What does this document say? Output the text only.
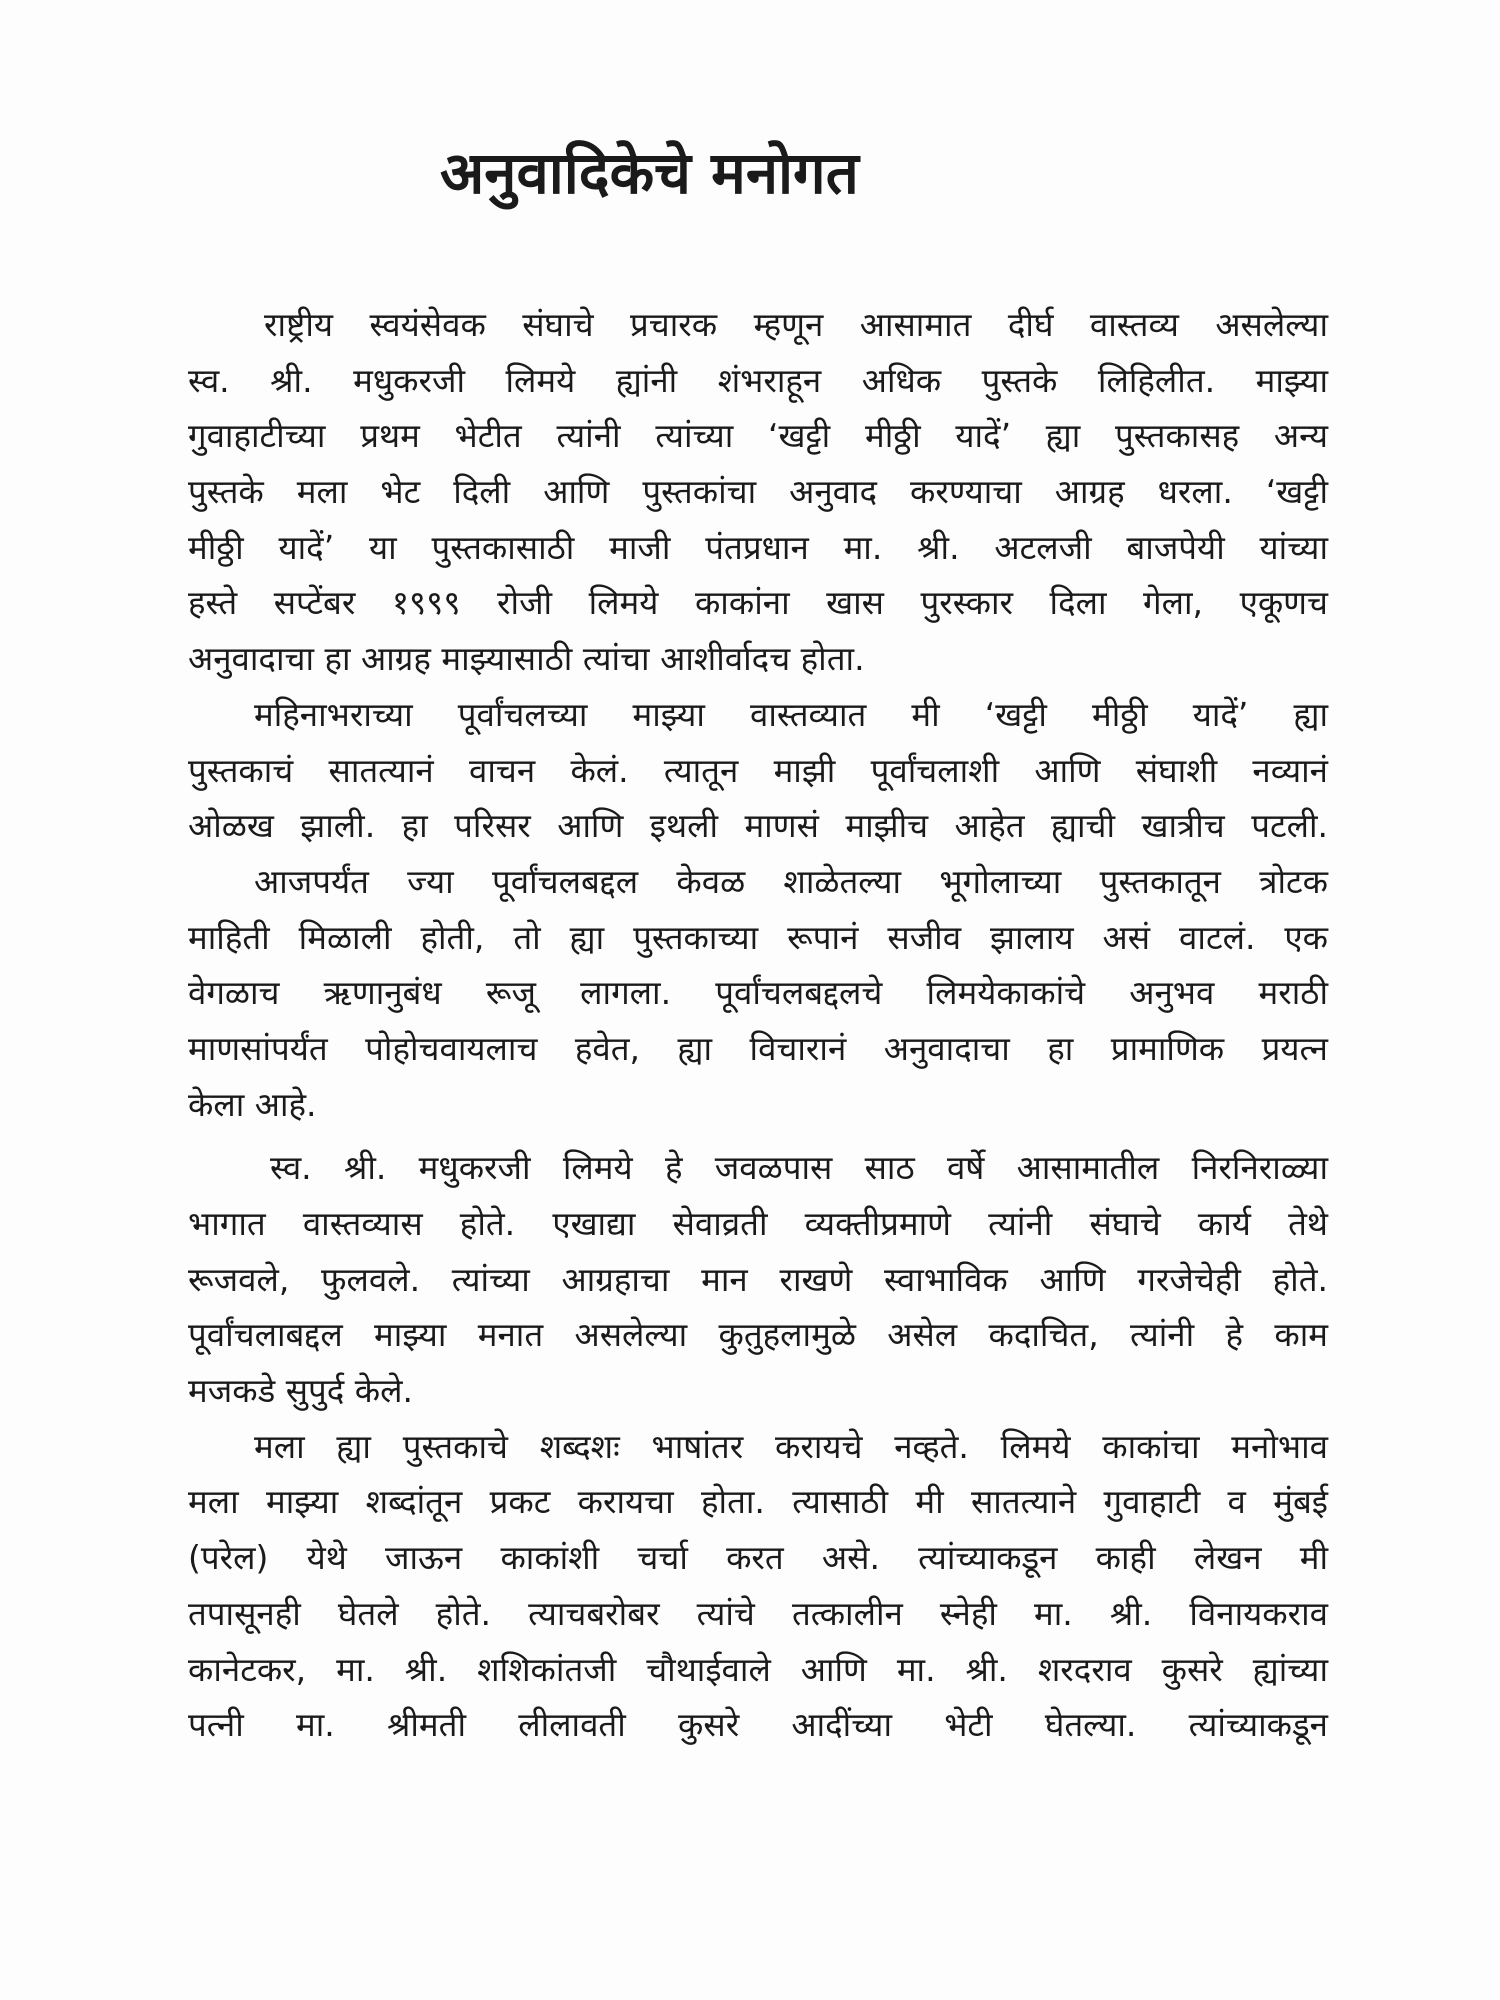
अनुवादिकेचे मनोगत
राष्ट्रीय स्वयंसेवक संघाचे प्रचारक म्हणून आसामात दीर्घ वास्तव्य असलेल्या
स्व. श्री. मधुकरजी लिमये ह्यांनी शंभराहून अधिक पुस्तके लिहिलीत. माझ्या
गुवाहाटीच्या प्रथम भेटीत त्यांनी त्यांच्या ‘खट्टी मीठ्ठी यादें’ ह्या पुस्तकासह अन्य
पुस्तके मला भेट दिली आणि पुस्तकांचा अनुवाद करण्याचा आग्रह धरला. ‘खट्टी
मीठ्ठी यादें’ या पुस्तकासाठी माजी पंतप्रधान मा. श्री. अटलजी बाजपेयी यांच्या
हस्ते सप्टेंबर १९९९ रोजी लिमये काकांना खास पुरस्कार दिला गेला, एकूणच
अनुवादाचा हा आग्रह माझ्यासाठी त्यांचा आशीर्वादच होता.
महिनाभराच्या पूर्वांचलच्या माझ्या वास्तव्यात मी ‘खट्टी मीठ्ठी यादें’ ह्या
पुस्तकाचं सातत्यानं वाचन केलं. त्यातून माझी पूर्वांचलाशी आणि संघाशी नव्यानं
ओळख झाली. हा परिसर आणि इथली माणसं माझीच आहेत ह्याची खात्रीच पटली.
आजपर्यंत ज्या पूर्वांचलबद्दल केवळ शाळेतल्या भूगोलाच्या पुस्तकातून त्रोटक
माहिती मिळाली होती, तो ह्या पुस्तकाच्या रूपानं सजीव झालाय असं वाटलं. एक
वेगळाच ऋणानुबंध रूजू लागला. पूर्वांचलबद्दलचे लिमयेकाकांचे अनुभव मराठी
माणसांपर्यंत पोहोचवायलाच हवेत, ह्या विचारानं अनुवादाचा हा प्रामाणिक प्रयत्न
केला आहे.
स्व. श्री. मधुकरजी लिमये हे जवळपास साठ वर्षे आसामातील निरनिराळ्या
भागात वास्तव्यास होते. एखाद्या सेवाव्रती व्यक्तीप्रमाणे त्यांनी संघाचे कार्य तेथे
रूजवले, फुलवले. त्यांच्या आग्रहाचा मान राखणे स्वाभाविक आणि गरजेचेही होते.
पूर्वांचलाबद्दल माझ्या मनात असलेल्या कुतुहलामुळे असेल कदाचित, त्यांनी हे काम
मजकडे सुपुर्द केले.
मला ह्या पुस्तकाचे शब्दशः भाषांतर करायचे नव्हते. लिमये काकांचा मनोभाव
मला माझ्या शब्दांतून प्रकट करायचा होता. त्यासाठी मी सातत्याने गुवाहाटी व मुंबई
(परेल) येथे जाऊन काकांशी चर्चा करत असे. त्यांच्याकडून काही लेखन मी
तपासूनही घेतले होते. त्याचबरोबर त्यांचे तत्कालीन स्नेही मा. श्री. विनायकराव
कानेटकर, मा. श्री. शशिकांतजी चौथाईवाले आणि मा. श्री. शरदराव कुसरे ह्यांच्या
पत्नी मा. श्रीमती लीलावती कुसरे आदींच्या भेटी घेतल्या. त्यांच्याकडून
